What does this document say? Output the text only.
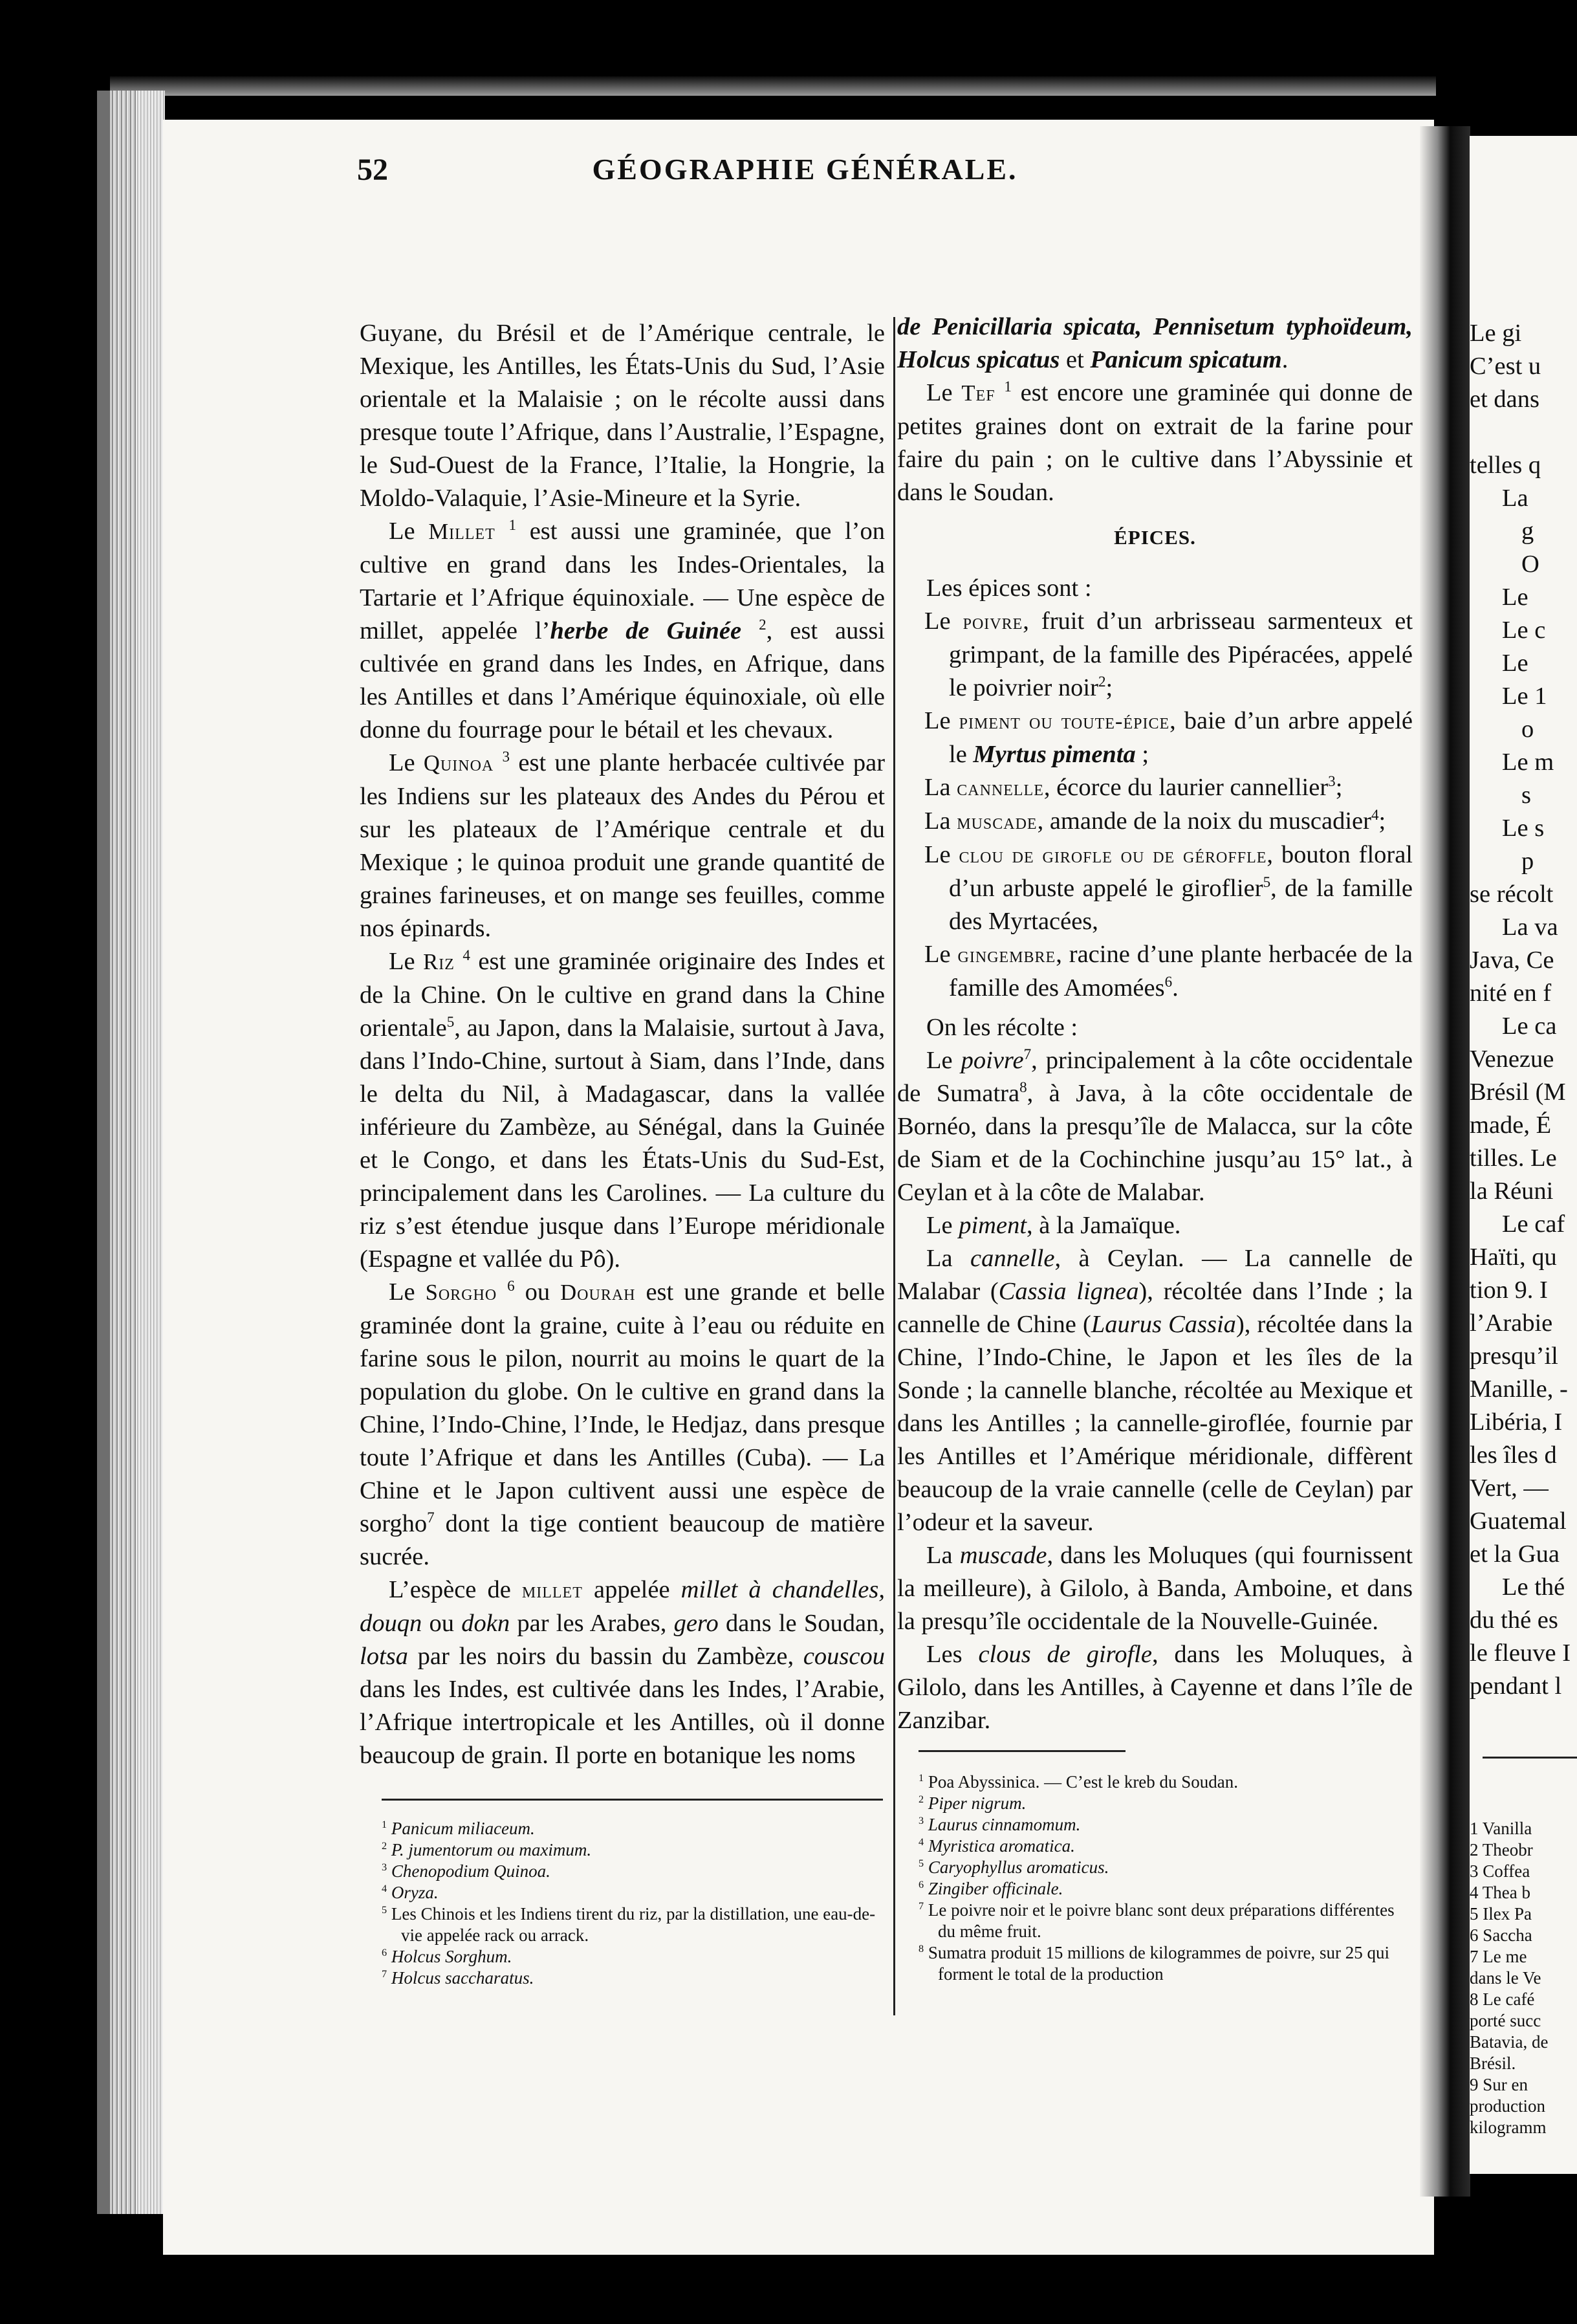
Le gi
C’est u
et dans
telles q
La
g
O
Le
Le c
Le
Le 1
o
Le m
s
Le s
p
se récolt
La va
Java, Ce
nité en f
Le ca
Venezue
Brésil (M
made, É
tilles. Le
la Réuni
Le caf
Haïti, qu
tion 9. I
l’Arabie
presqu’il
Manille, -
Libéria, I
les îles d
Vert, —
Guatemal
et la Gua
Le thé
du thé es
le fleuve I
pendant l
1 Vanilla
2 Theobr
3 Coffea
4 Thea b
5 Ilex Pa
6 Saccha
7 Le me
dans le Ve
8 Le café
porté succ
Batavia, de
Brésil.
9 Sur en
production
kilogramm
52	GÉOGRAPHIE GÉNÉRALE.

Guyane, du Brésil et de l’Amérique centrale, le Mexique, les Antilles, les États-Unis du Sud, l’Asie orientale et la Malaisie ; on le récolte aussi dans presque toute l’Afrique, dans l’Australie, l’Espagne, le Sud-Ouest de la France, l’Italie, la Hongrie, la Moldo-Valaquie, l’Asie-Mineure et la Syrie.

Le Millet $^1$ est aussi une graminée, que l’on cultive en grand dans les Indes-Orientales, la Tartarie et l’Afrique équinoxiale. — Une espèce de millet, appelée l’herbe de Guinée $^2$, est aussi cultivée en grand dans les Indes, en Afrique, dans les Antilles et dans l’Amérique équinoxiale, où elle donne du fourrage pour le bétail et les chevaux.

Le Quinoa $^3$ est une plante herbacée cultivée par les Indiens sur les plateaux des Andes du Pérou et sur les plateaux de l’Amérique centrale et du Mexique ; le quinoa produit une grande quantité de graines farineuses, et on mange ses feuilles, comme nos épinards.

Le Riz $^4$ est une graminée originaire des Indes et de la Chine. On le cultive en grand dans la Chine orientale$^5$, au Japon, dans la Malaisie, surtout à Java, dans l’Indo-Chine, surtout à Siam, dans l’Inde, dans le delta du Nil, à Madagascar, dans la vallée inférieure du Zambèze, au Sénégal, dans la Guinée et le Congo, et dans les États-Unis du Sud-Est, principalement dans les Carolines. — La culture du riz s’est étendue jusque dans l’Europe méridionale (Espagne et vallée du Pô).

Le Sorgho $^6$ ou Dourah est une grande et belle graminée dont la graine, cuite à l’eau ou réduite en farine sous le pilon, nourrit au moins le quart de la population du globe. On le cultive en grand dans la Chine, l’Indo-Chine, l’Inde, le Hedjaz, dans presque toute l’Afrique et dans les Antilles (Cuba). — La Chine et le Japon cultivent aussi une espèce de sorgho$^7$ dont la tige contient beaucoup de matière sucrée.

L’espèce de millet appelée millet à chandelles, douqn ou dokn par les Arabes, gero dans le Soudan, lotsa par les noirs du bassin du Zambèze, couscou dans les Indes, est cultivée dans les Indes, l’Arabie, l’Afrique intertropicale et les Antilles, où il donne beaucoup de grain. Il porte en botanique les noms

de Penicillaria spicata, Pennisetum typhoïdeum, Holcus spicatus et Panicum spicatum.

Le Tef $^1$ est encore une graminée qui donne de petites graines dont on extrait de la farine pour faire du pain ; on le cultive dans l’Abyssinie et dans le Soudan.

ÉPICES.

Les épices sont :

Le poivre, fruit d’un arbrisseau sarmenteux et grimpant, de la famille des Pipéracées, appelé le poivrier noir$^2$;
Le piment ou toute-épice, baie d’un arbre appelé le Myrtus pimenta ;
La cannelle, écorce du laurier cannellier$^3$;
La muscade, amande de la noix du muscadier$^4$;
Le clou de girofle ou de géroffle, bouton floral d’un arbuste appelé le giroflier$^5$, de la famille des Myrtacées,
Le gingembre, racine d’une plante herbacée de la famille des Amomées$^6$.

On les récolte :

Le poivre$^7$, principalement à la côte occidentale de Sumatra$^8$, à Java, à la côte occidentale de Bornéo, dans la presqu’île de Malacca, sur la côte de Siam et de la Cochinchine jusqu’au 15° lat., à Ceylan et à la côte de Malabar.

Le piment, à la Jamaïque.

La cannelle, à Ceylan. — La cannelle de Malabar (Cassia lignea), récoltée dans l’Inde ; la cannelle de Chine (Laurus Cassia), récoltée dans la Chine, l’Indo-Chine, le Japon et les îles de la Sonde ; la cannelle blanche, récoltée au Mexique et dans les Antilles ; la cannelle-giroflée, fournie par les Antilles et l’Amérique méridionale, diffèrent beaucoup de la vraie cannelle (celle de Ceylan) par l’odeur et la saveur.

La muscade, dans les Moluques (qui fournissent la meilleure), à Gilolo, à Banda, Amboine, et dans la presqu’île occidentale de la Nouvelle-Guinée.

Les clous de girofle, dans les Moluques, à Gilolo, dans les Antilles, à Cayenne et dans l’île de Zanzibar.

$^1$ Panicum miliaceum.
$^2$ P. jumentorum ou maximum.
$^3$ Chenopodium Quinoa.
$^4$ Oryza.
$^5$ Les Chinois et les Indiens tirent du riz, par la distillation, une eau-de-vie appelée rack ou arrack.
$^6$ Holcus Sorghum.
$^7$ Holcus saccharatus.
$^1$ Poa Abyssinica. — C’est le kreb du Soudan.
$^2$ Piper nigrum.
$^3$ Laurus cinnamomum.
$^4$ Myristica aromatica.
$^5$ Caryophyllus aromaticus.
$^6$ Zingiber officinale.
$^7$ Le poivre noir et le poivre blanc sont deux préparations différentes du même fruit.
$^8$ Sumatra produit 15 millions de kilogrammes de poivre, sur 25 qui forment le total de la production
